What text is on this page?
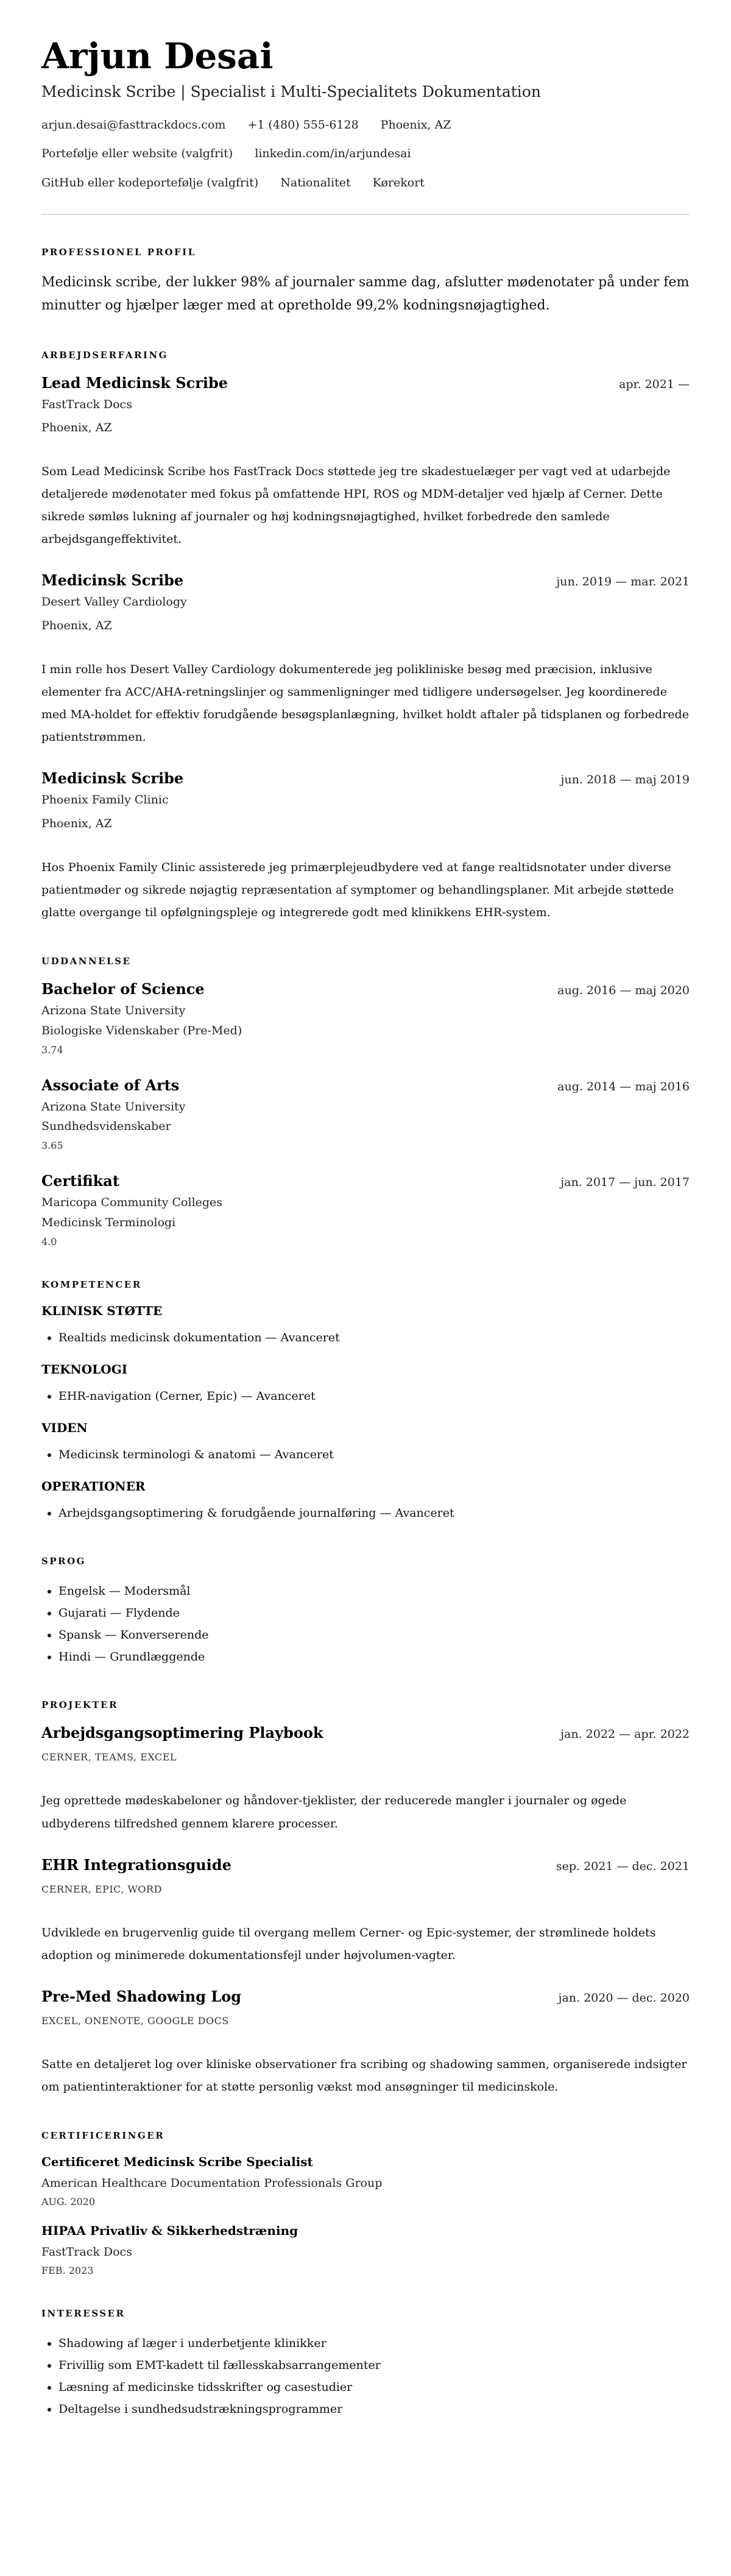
Arjun Desai
Medicinsk Scribe | Specialist i Multi-Specialitets Dokumentation
arjun.desai@fasttrackdocs.com +1 (480) 555-6128 Phoenix, AZ
Portefølje eller website (valgfrit) linkedin.com/in/arjundesai
GitHub eller kodeportefølje (valgfrit) Nationalitet Kørekort
PROFESSIONEL PROFIL

Medicinsk scribe, der lukker 98% af journaler samme dag, afslutter mødenotater på under fem minutter og hjælper læger med at opretholde 99,2% kodningsnøjagtighed.

ARBEJDSERFARING
Lead Medicinsk Scribe	apr. 2021 —
FastTrack Docs
Phoenix, AZ

Som Lead Medicinsk Scribe hos FastTrack Docs støttede jeg tre skadestuelæger per vagt ved at udarbejde detaljerede mødenotater med fokus på omfattende HPI, ROS og MDM-detaljer ved hjælp af Cerner. Dette sikrede sømløs lukning af journaler og høj kodningsnøjagtighed, hvilket forbedrede den samlede arbejdsgangeffektivitet.

Medicinsk Scribe	jun. 2019 — mar. 2021
Desert Valley Cardiology
Phoenix, AZ

I min rolle hos Desert Valley Cardiology dokumenterede jeg polikliniske besøg med præcision, inklusive elementer fra ACC/AHA-retningslinjer og sammenligninger med tidligere undersøgelser. Jeg koordinerede med MA-holdet for effektiv forudgående besøgsplanlægning, hvilket holdt aftaler på tidsplanen og forbedrede patientstrømmen.

Medicinsk Scribe	jun. 2018 — maj 2019
Phoenix Family Clinic
Phoenix, AZ

Hos Phoenix Family Clinic assisterede jeg primærplejeudbydere ved at fange realtidsnotater under diverse patientmøder og sikrede nøjagtig repræsentation af symptomer og behandlingsplaner. Mit arbejde støttede glatte overgange til opfølgningspleje og integrerede godt med klinikkens EHR-system.

UDDANNELSE
Bachelor of Science	aug. 2016 — maj 2020
Arizona State University
Biologiske Videnskaber (Pre-Med)
3.74
Associate of Arts	aug. 2014 — maj 2016
Arizona State University
Sundhedsvidenskaber
3.65
Certifikat	jan. 2017 — jun. 2017
Maricopa Community Colleges
Medicinsk Terminologi
4.0
KOMPETENCER
KLINISK STØTTE
• Realtids medicinsk dokumentation — Avanceret
TEKNOLOGI
• EHR-navigation (Cerner, Epic) — Avanceret
VIDEN
• Medicinsk terminologi & anatomi — Avanceret
OPERATIONER
• Arbejdsgangsoptimering & forudgående journalføring — Avanceret
SPROG
• Engelsk — Modersmål
• Gujarati — Flydende
• Spansk — Konverserende
• Hindi — Grundlæggende
PROJEKTER
Arbejdsgangsoptimering Playbook	jan. 2022 — apr. 2022
CERNER, TEAMS, EXCEL

Jeg oprettede mødeskabeloner og håndover-tjeklister, der reducerede mangler i journaler og øgede udbyderens tilfredshed gennem klarere processer.

EHR Integrationsguide	sep. 2021 — dec. 2021
CERNER, EPIC, WORD

Udviklede en brugervenlig guide til overgang mellem Cerner- og Epic-systemer, der strømlinede holdets adoption og minimerede dokumentationsfejl under højvolumen-vagter.

Pre-Med Shadowing Log	jan. 2020 — dec. 2020
EXCEL, ONENOTE, GOOGLE DOCS

Satte en detaljeret log over kliniske observationer fra scribing og shadowing sammen, organiserede indsigter om patientinteraktioner for at støtte personlig vækst mod ansøgninger til medicinskole.

CERTIFICERINGER
Certificeret Medicinsk Scribe Specialist
American Healthcare Documentation Professionals Group
AUG. 2020
HIPAA Privatliv & Sikkerhedstræning
FastTrack Docs
FEB. 2023
INTERESSER
• Shadowing af læger i underbetjente klinikker
• Frivillig som EMT-kadett til fællesskabsarrangementer
• Læsning af medicinske tidsskrifter og casestudier
• Deltagelse i sundhedsudstrækningsprogrammer
